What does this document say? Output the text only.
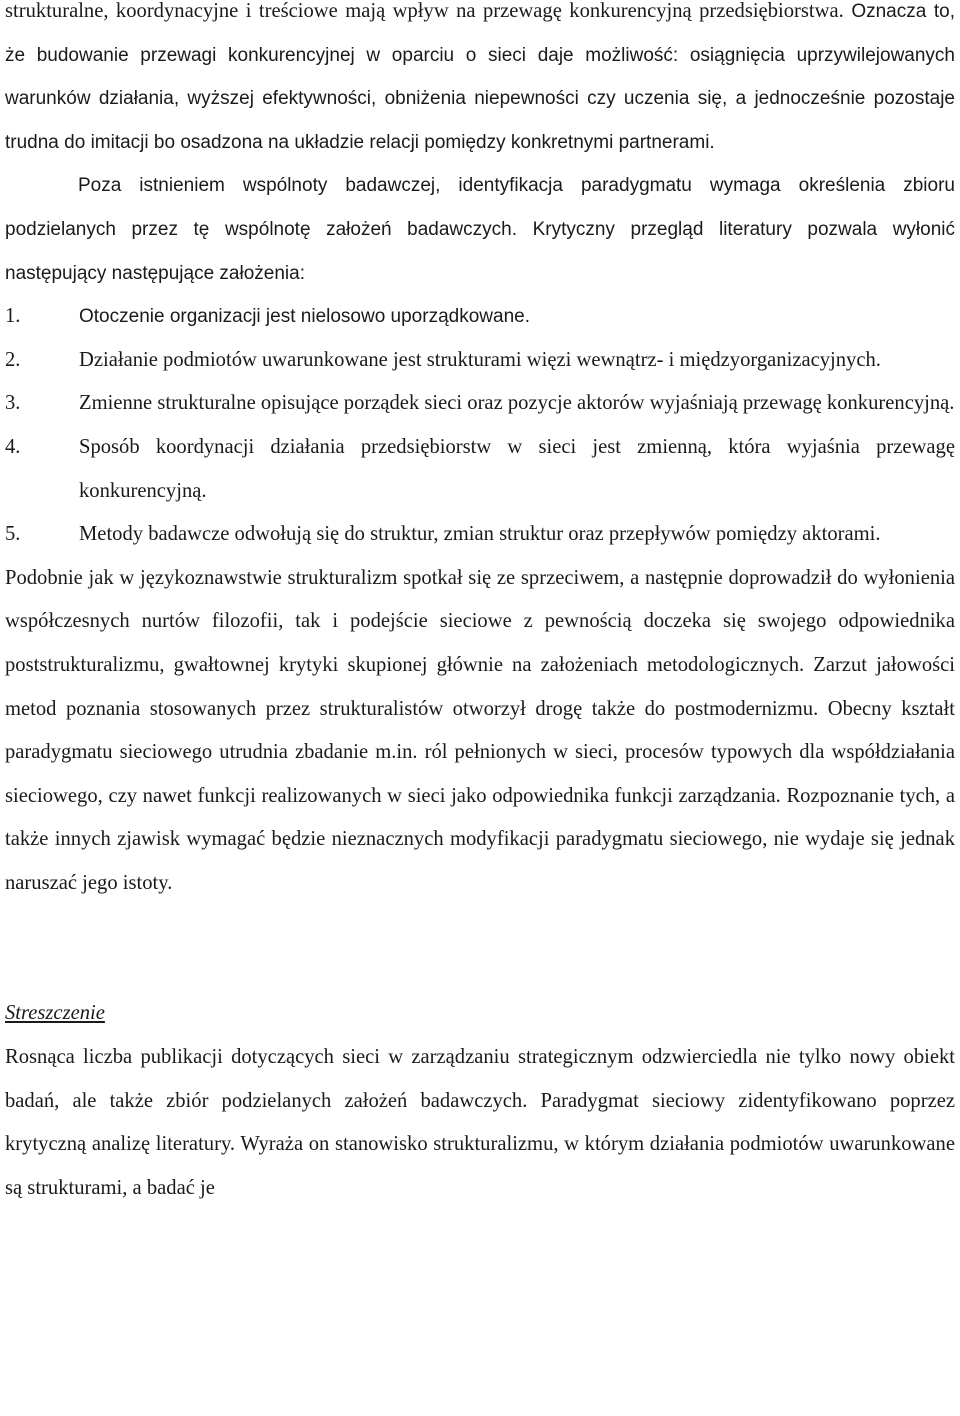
strukturalne, koordynacyjne i treściowe mają wpływ na przewagę konkurencyjną przedsiębiorstwa. Oznacza to, że budowanie przewagi konkurencyjnej w oparciu o sieci daje możliwość: osiągnięcia uprzywilejowanych warunków działania, wyższej efektywności, obniżenia niepewności czy uczenia się, a jednocześnie pozostaje trudna do imitacji bo osadzona na układzie relacji pomiędzy konkretnymi partnerami.

Poza istnieniem wspólnoty badawczej, identyfikacja paradygmatu wymaga określenia zbioru podzielanych przez tę wspólnotę założeń badawczych. Krytyczny przegląd literatury pozwala wyłonić następujący następujące założenia:

1.	Otoczenie organizacji jest nielosowo uporządkowane.
2.	Działanie podmiotów uwarunkowane jest strukturami więzi wewnątrz- i międzyorganizacyjnych.
3.	Zmienne strukturalne opisujące porządek sieci oraz pozycje aktorów wyjaśniają przewagę konkurencyjną.
4.	Sposób koordynacji działania przedsiębiorstw w sieci jest zmienną, która wyjaśnia przewagę konkurencyjną.
5.	Metody badawcze odwołują się do struktur, zmian struktur oraz przepływów pomiędzy aktorami.

Podobnie jak w językoznawstwie strukturalizm spotkał się ze sprzeciwem, a następnie doprowadził do wyłonienia współczesnych nurtów filozofii, tak i podejście sieciowe z pewnością doczeka się swojego odpowiednika poststrukturalizmu, gwałtownej krytyki skupionej głównie na założeniach metodologicznych. Zarzut jałowości metod poznania stosowanych przez strukturalistów otworzył drogę także do postmodernizmu. Obecny kształt paradygmatu sieciowego utrudnia zbadanie m.in. ról pełnionych w sieci, procesów typowych dla współdziałania sieciowego, czy nawet funkcji realizowanych w sieci jako odpowiednika funkcji zarządzania. Rozpoznanie tych, a także innych zjawisk wymagać będzie nieznacznych modyfikacji paradygmatu sieciowego, nie wydaje się jednak naruszać jego istoty.

Streszczenie

Rosnąca liczba publikacji dotyczących sieci w zarządzaniu strategicznym odzwierciedla nie tylko nowy obiekt badań, ale także zbiór podzielanych założeń badawczych. Paradygmat sieciowy zidentyfikowano poprzez krytyczną analizę literatury. Wyraża on stanowisko strukturalizmu, w którym działania podmiotów uwarunkowane są strukturami, a badać je
